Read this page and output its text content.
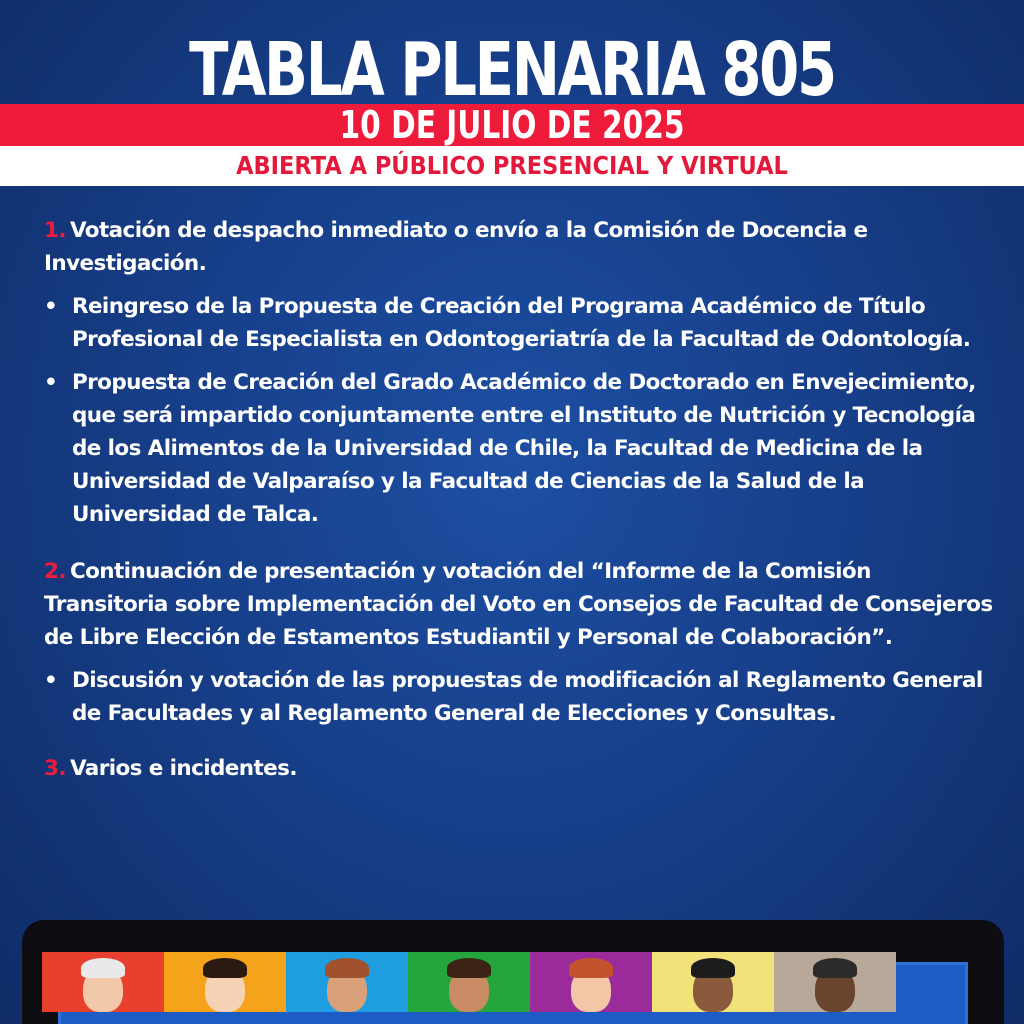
TABLA PLENARIA 805
10 DE JULIO DE 2025
ABIERTA A PÚBLICO PRESENCIAL Y VIRTUAL
1. Votación de despacho inmediato o envío a la Comisión de Docencia e Investigación.
• Reingreso de la Propuesta de Creación del Programa Académico de Título Profesional de Especialista en Odontogeriatría de la Facultad de Odontología.
• Propuesta de Creación del Grado Académico de Doctorado en Envejecimiento, que será impartido conjuntamente entre el Instituto de Nutrición y Tecnología de los Alimentos de la Universidad de Chile, la Facultad de Medicina de la Universidad de Valparaíso y la Facultad de Ciencias de la Salud de la Universidad de Talca.
2. Continuación de presentación y votación del “Informe de la Comisión Transitoria sobre Implementación del Voto en Consejos de Facultad de Consejeros de Libre Elección de Estamentos Estudiantil y Personal de Colaboración”.
• Discusión y votación de las propuestas de modificación al Reglamento General de Facultades y al Reglamento General de Elecciones y Consultas.
3. Varios e incidentes.
